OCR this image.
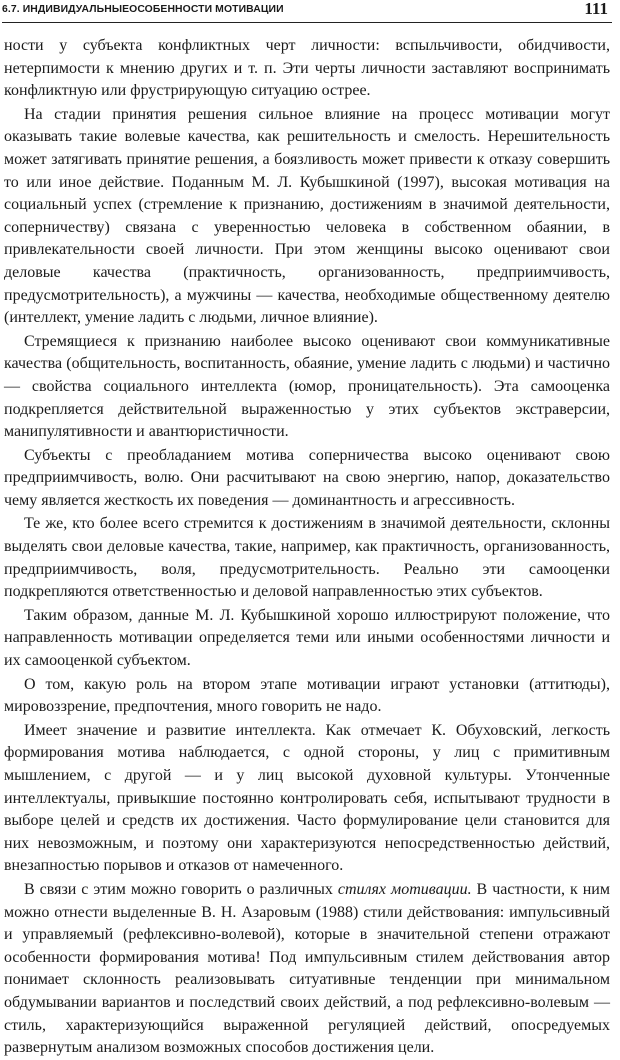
6.7. ИНДИВИДУАЛЬНЫЕОСОБЕННОСТИ МОТИВАЦИИ	111

ности у субъекта конфликтных черт личности: вспыльчивости, обидчивости, нетерпимости к мнению других и т. п. Эти черты личности заставляют воспринимать конфликтную или фрустрирующую ситуацию острее.

На стадии принятия решения сильное влияние на процесс мотивации могут оказывать такие волевые качества, как решительность и смелость. Нерешительность может затягивать принятие решения, а боязливость может привести к отказу совершить то или иное действие. Поданным М. Л. Кубышкиной (1997), высокая мотивация на социальный успех (стремление к признанию, достижениям в значимой деятельности, соперничеству) связана с уверенностью человека в собственном обаянии, в привлекательности своей личности. При этом женщины высоко оценивают свои деловые качества (практичность, организованность, предприимчивость, предусмотрительность), а мужчины — качества, необходимые общественному деятелю (интеллект, умение ладить с людьми, личное влияние).

Стремящиеся к признанию наиболее высоко оценивают свои коммуникативные качества (общительность, воспитанность, обаяние, умение ладить с людьми) и частично — свойства социального интеллекта (юмор, проницательность). Эта самооценка подкрепляется действительной выраженностью у этих субъектов экстраверсии, манипулятивности и авантюристичности.

Субъекты с преобладанием мотива соперничества высоко оценивают свою предприимчивость, волю. Они расчитывают на свою энергию, напор, доказательство чему является жесткость их поведения — доминантность и агрессивность.

Те же, кто более всего стремится к достижениям в значимой деятельности, склонны выделять свои деловые качества, такие, например, как практичность, организованность, предприимчивость, воля, предусмотрительность. Реально эти самооценки подкрепляются ответственностью и деловой направленностью этих субъектов.

Таким образом, данные М. Л. Кубышкиной хорошо иллюстрируют положение, что направленность мотивации определяется теми или иными особенностями личности и их самооценкой субъектом.

О том, какую роль на втором этапе мотивации играют установки (аттитюды), мировоззрение, предпочтения, много говорить не надо.

Имеет значение и развитие интеллекта. Как отмечает К. Обуховский, легкость формирования мотива наблюдается, с одной стороны, у лиц с примитивным мышлением, с другой — и у лиц высокой духовной культуры. Утонченные интеллектуалы, привыкшие постоянно контролировать себя, испытывают трудности в выборе целей и средств их достижения. Часто формулирование цели становится для них невозможным, и поэтому они характеризуются непосредственностью действий, внезапностью порывов и отказов от намеченного.

В связи с этим можно говорить о различных стилях мотивации. В частности, к ним можно отнести выделенные В. Н. Азаровым (1988) стили действования: импульсивный и управляемый (рефлексивно-волевой), которые в значительной степени отражают особенности формирования мотива! Под импульсивным стилем действования автор понимает склонность реализовывать ситуативные тенденции при минимальном обдумывании вариантов и последствий своих действий, а под рефлексивно-волевым — стиль, характеризующийся выраженной регуляцией действий, опосредуемых развернутым анализом возможных способов достижения цели.
